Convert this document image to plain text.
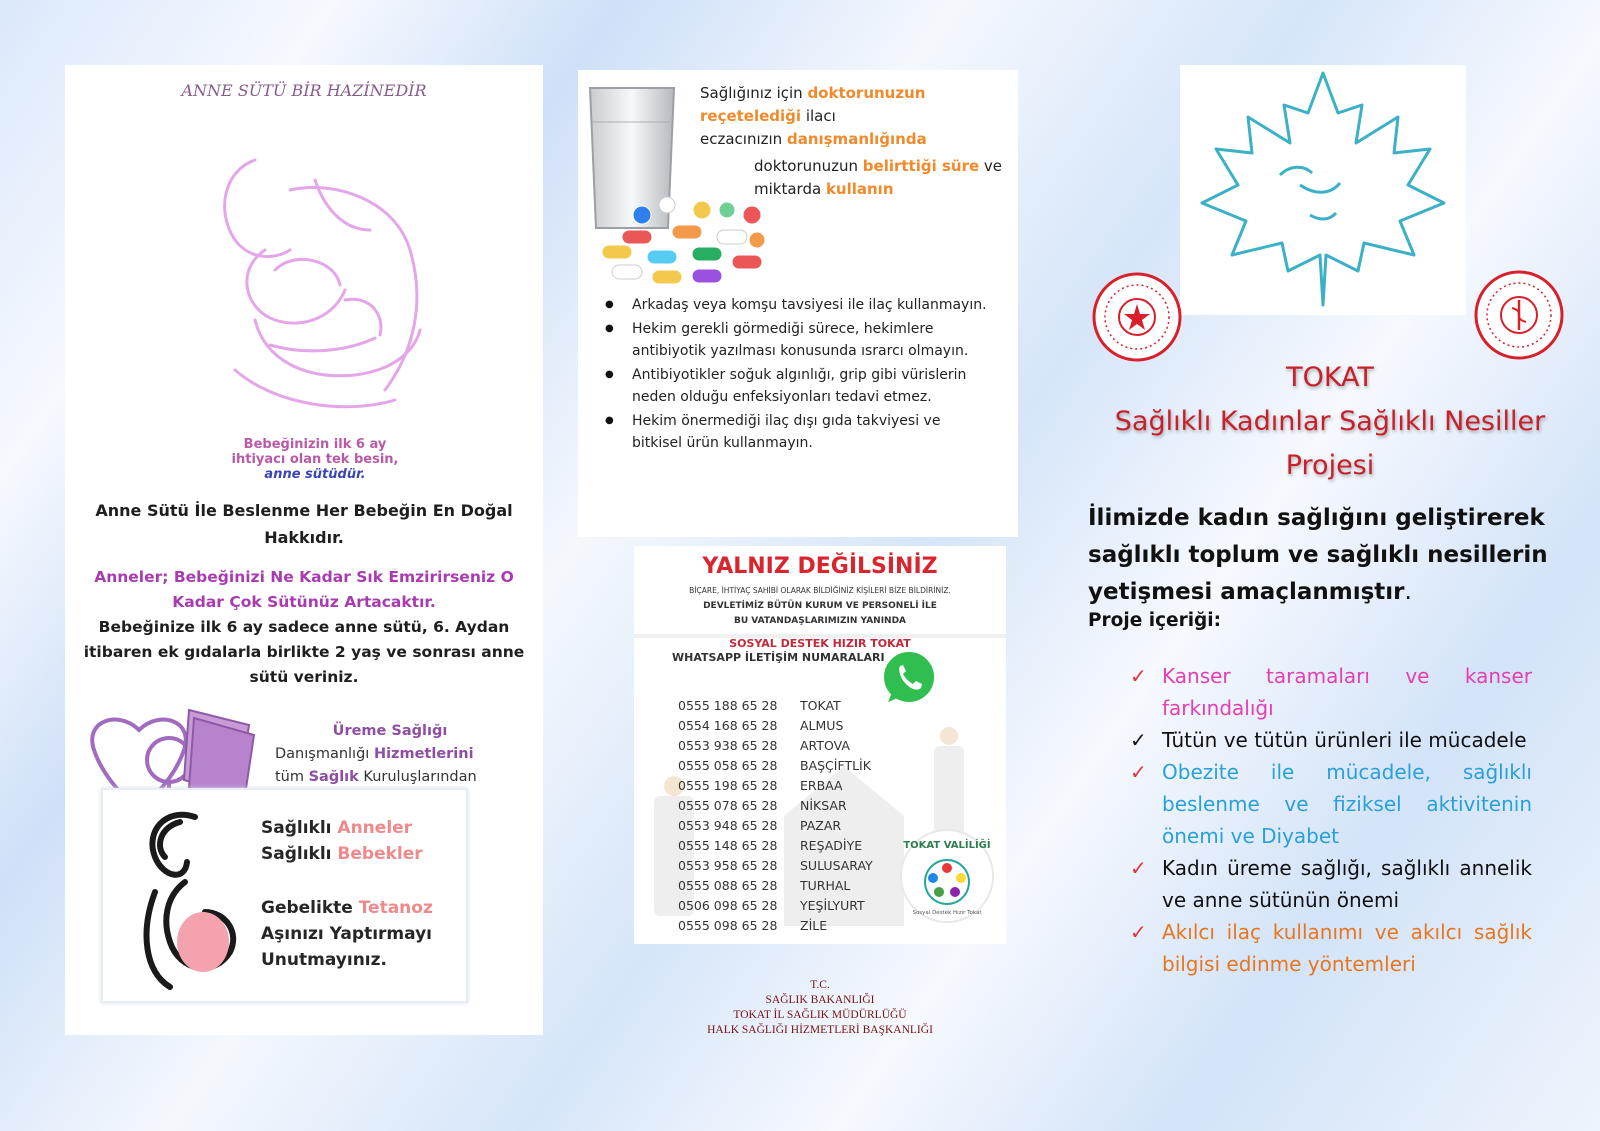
ANNE SÜTÜ BİR HAZİNEDİR
Bebeğinizin ilk 6 ay
ihtiyacı olan tek besin,
anne sütüdür.
Anne Sütü İle Beslenme Her Bebeğin En Doğal Hakkıdır.
Anneler; Bebeğinizi Ne Kadar Sık Emzirirseniz O Kadar Çok Sütünüz Artacaktır.
Bebeğinize ilk 6 ay sadece anne sütü, 6. Aydan itibaren ek gıdalarla birlikte 2 yaş ve sonrası anne sütü veriniz.
Üreme Sağlığı
Danışmanlığı Hizmetlerini
tüm Sağlık Kuruluşlarından
Sağlıklı Anneler
Sağlıklı Bebekler
Gebelikte Tetanoz
Aşınızı Yaptırmayı
Unutmayınız.
Sağlığınız için doktorunuzun
reçetelediği ilacı
eczacınızın danışmanlığında
doktorunuzun belirttiği süre ve
miktarda kullanın
● Arkadaş veya komşu tavsiyesi ile ilaç kullanmayın.
● Hekim gerekli görmediği sürece, hekimlere antibiyotik yazılması konusunda ısrarcı olmayın.
● Antibiyotikler soğuk algınlığı, grip gibi vürislerin neden olduğu enfeksiyonları tedavi etmez.
● Hekim önermediği ilaç dışı gıda takviyesi ve bitkisel ürün kullanmayın.
YALNIZ DEĞİLSİNİZ
BİÇARE, İHTİYAÇ SAHİBİ OLARAK BİLDİĞİNİZ KİŞİLERİ BİZE BİLDİRİNİZ.
DEVLETİMİZ BÜTÜN KURUM VE PERSONELİ İLE
BU VATANDAŞLARIMIZIN YANINDA
SOSYAL DESTEK HIZIR TOKAT
WHATSAPP İLETİŞİM NUMARALARI
0555 188 65 28	TOKAT
0554 168 65 28	ALMUS
0553 938 65 28	ARTOVA
0555 058 65 28	BAŞÇİFTLİK
0555 198 65 28	ERBAA
0555 078 65 28	NİKSAR
0553 948 65 28	PAZAR
0555 148 65 28	REŞADİYE
0553 958 65 28	SULUSARAY
0555 088 65 28	TURHAL
0506 098 65 28	YEŞİLYURT
0555 098 65 28	ZİLE
TOKAT VALİLİĞİ
Sosyal Destek Hızır Tokat
T.C.
SAĞLIK BAKANLIĞI
TOKAT İL SAĞLIK MÜDÜRLÜĞÜ
HALK SAĞLIĞI HİZMETLERİ BAŞKANLIĞI
TOKAT
Sağlıklı Kadınlar Sağlıklı Nesiller
Projesi
İlimizde kadın sağlığını geliştirerek sağlıklı toplum ve sağlıklı nesillerin yetişmesi amaçlanmıştır.
Proje içeriği:
✓ Kanser taramaları ve kanser farkındalığı
✓ Tütün ve tütün ürünleri ile mücadele
✓ Obezite ile mücadele, sağlıklı beslenme ve fiziksel aktivitenin önemi ve Diyabet
✓ Kadın üreme sağlığı, sağlıklı annelik ve anne sütünün önemi
✓ Akılcı ilaç kullanımı ve akılcı sağlık bilgisi edinme yöntemleri
